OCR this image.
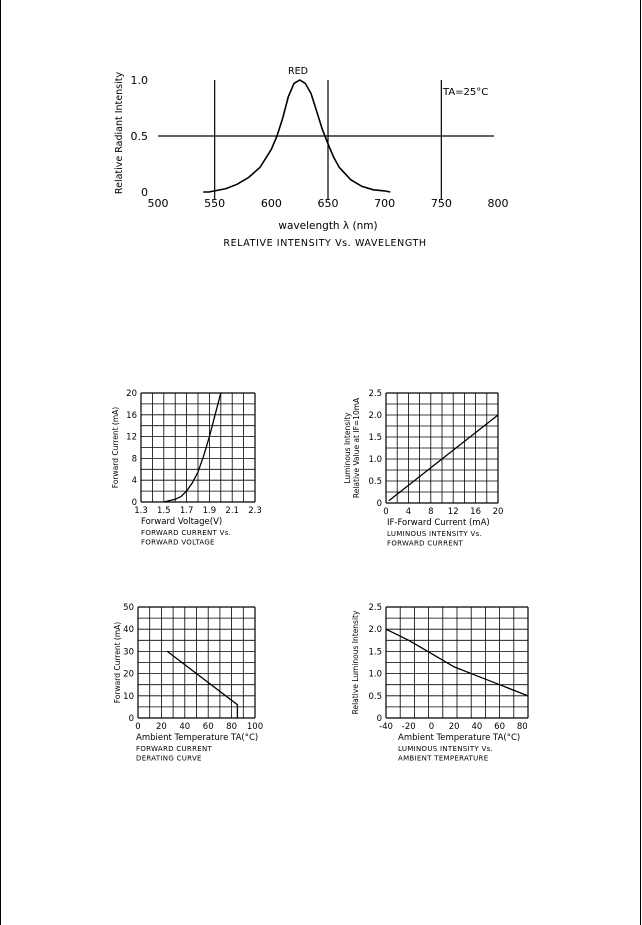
0
0.5
1.0
500	550	600	650	700	750	800
Relative Radiant Intensity
wavelength λ (nm)
RELATIVE INTENSITY Vs. WAVELENGTH
RED
TA=25°C
1.3 1.5 1.7 1.9 2.1 2.3
0
4
8
12
16
20
Forward Voltage(V)
FORWARD CURRENT Vs.
FORWARD VOLTAGE
Forward Current (mA)
0 4 8 12 16 20
0
0.5
1.0
1.5
2.0
2.5
IF-Forward Current (mA)
LUMINOUS INTENSITY Vs.
FORWARD CURRENT
Luminous Intensity Relative Value at IF=10mA
0 20 40 60 80 100
0
10
20
30
40
50
Ambient Temperature TA(°C)
FORWARD CURRENT
DERATING CURVE
Forward Current (mA)
-40 -20 0 20 40 60 80
0
0.5
1.0
1.5
2.0
2.5
Ambient Temperature TA(°C)
LUMINOUS INTENSITY Vs.
AMBIENT TEMPERATURE
Relative Luminous Intensity
